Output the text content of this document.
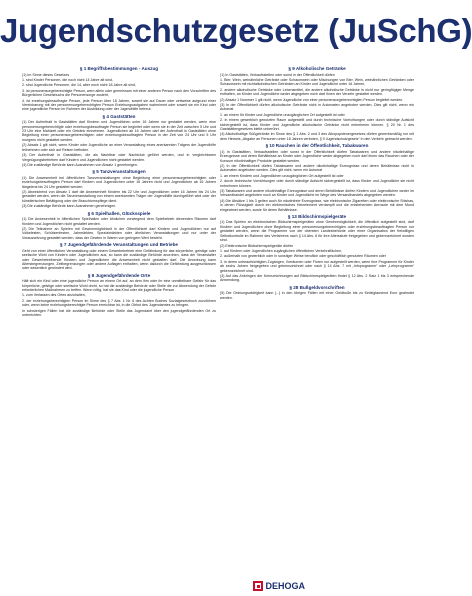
Jugendschutzgesetz (JuSchG)
§ 1 Begriffsbestimmungen - Auszug

(1) Im Sinne dieses Gesetzes

1. sind Kinder Personen, die noch nicht 14 Jahre alt sind,

2. sind Jugendliche Personen, die 14, aber noch nicht 18 Jahre alt sind,

3. ist personensorgeberechtigte Person, wem allein oder gemeinsam mit einer anderen Person nach den Vorschriften des Bürgerlichen Gesetzbuchs die Personensorge zusteht,

4. ist erziehungsbeauftragte Person, jede Person über 18 Jahren, soweit sie auf Dauer oder zeitweise aufgrund einer Vereinbarung mit der personensorgeberechtigten Person Erziehungsaufgaben wahrnimmt oder soweit sie ein Kind oder eine jugendliche Person im Rahmen der Ausbildung oder der Jugendhilfe betreut.

§ 4 Gaststätten

(1) Der Aufenthalt in Gaststätten darf Kindern und Jugendlichen unter 16 Jahren nur gestattet werden, wenn eine personensorgeberechtigte oder erziehungsbeauftragte Person sie begleitet oder wenn sie in der Zeit zwischen 5 Uhr und 23 Uhr eine Mahlzeit oder ein Getränk einnehmen. Jugendlichen ab 16 Jahren darf der Aufenthalt in Gaststätten ohne Begleitung einer personensorgeberechtigten oder erziehungsbeauftragten Person in der Zeit von 24 Uhr und 5 Uhr morgens nicht gestattet werden.

(2) Absatz 1 gilt nicht, wenn Kinder oder Jugendliche an einer Veranstaltung eines anerkannten Trägers der Jugendhilfe teilnehmen oder sich auf Reisen befinden.

(3) Der Aufenthalt in Gaststätten, die als Nachtbar oder Nachtclub geführt werden, und in vergleichbaren Vergnügungsbetrieben darf Kindern und Jugendlichen nicht gestattet werden.

(4) Die zuständige Behörde kann Ausnahmen von Absatz 1 genehmigen.

§ 5 Tanzveranstaltungen

(1) Die Anwesenheit bei öffentlichen Tanzveranstaltungen ohne Begleitung einer personensorgeberechtigten oder erziehungsbeauftragten Person darf Kindern und Jugendlichen unter 16 Jahren nicht und Jugendlichen ab 16 Jahren längstens bis 24 Uhr gestattet werden.

(2) Abweichend von Absatz 1 darf die Anwesenheit Kindern bis 22 Uhr und Jugendlichen unter 16 Jahren bis 24 Uhr gestattet werden, wenn die Tanzveranstaltung von einem anerkannten Träger der Jugendhilfe durchgeführt wird oder der künstlerischen Betätigung oder der Brauchtumspflege dient.

(3) Die zuständige Behörde kann Ausnahmen genehmigen.

§ 6 Spielhallen, Glücksspiele

(1) Die Anwesenheit in öffentlichen Spielhallen oder ähnlichen vorwiegend dem Spielbetrieb dienenden Räumen darf Kindern und Jugendlichen nicht gestattet werden.

(2) Die Teilnahme an Spielen mit Gewinnmöglichkeit in der Öffentlichkeit darf Kindern und Jugendlichen nur auf Volksfesten, Schützenfesten, Jahrmärkten, Spezialmärkten oder ähnlichen Veranstaltungen und nur unter der Voraussetzung gestattet werden, dass der Gewinn in Waren von geringem Wert besteht.

§ 7 Jugendgefährdende Veranstaltungen und Betriebe

Geht von einer öffentlichen Veranstaltung oder einem Gewerbebetrieb eine Gefährdung für das körperliche, geistige oder seelische Wohl von Kindern oder Jugendlichen aus, so kann die zuständige Behörde anordnen, dass der Veranstalter oder Gewerbetreibende Kindern und Jugendlichen die Anwesenheit nicht gestatten darf. Die Anordnung kann Altersbegrenzungen, Zeitbegrenzungen oder andere Auflagen enthalten, wenn dadurch die Gefährdung ausgeschlossen oder wesentlich gemindert wird.

§ 8 Jugendgefährdende Orte

Hält sich ein Kind oder eine jugendliche Person an einem Ort auf, an dem ihm oder ihr eine unmittelbare Gefahr für das körperliche, geistige oder seelische Wohl droht, so hat die zuständige Behörde oder Stelle die zur Abwendung der Gefahr erforderlichen Maßnahmen zu treffen. Wenn nötig, hat sie das Kind oder die jugendliche Person

1. zum Verlassen des Ortes anzuhalten,

2. der erziehungsberechtigten Person im Sinne des § 7 Abs. 1 Nr. 6 des Achten Buches Sozialgesetzbuch zuzuführen oder, wenn keine erziehungsberechtigte Person erreichbar ist, in die Obhut des Jugendamtes zu bringen.

In schwierigen Fällen hat die zuständige Behörde oder Stelle das Jugendamt über den jugendgefährdenden Ort zu unterrichten.

§ 9 Alkoholische Getränke

(1) In Gaststätten, Verkaufsstellen oder sonst in der Öffentlichkeit dürfen

1. Bier, Wein, weinähnliche Getränke oder Schaumwein oder Mischungen von Bier, Wein, weinähnlichen Getränken oder Schaumwein mit nichtalkoholischen Getränken an Kinder und Jugendliche unter 16 Jahren,

2. andere alkoholische Getränke oder Lebensmittel, die andere alkoholische Getränke in nicht nur geringfügiger Menge enthalten, an Kinder und Jugendliche weder abgegeben noch darf ihnen der Verzehr gestattet werden.

(2) Absatz 1 Nummer 1 gilt nicht, wenn Jugendliche von einer personensorgeberechtigten Person begleitet werden.

(3) In der Öffentlichkeit dürfen alkoholische Getränke nicht in Automaten angeboten werden. Dies gilt nicht, wenn ein Automat

1. an einem für Kinder und Jugendliche unzugänglichen Ort aufgestellt ist oder

2. in einem gewerblich genutzten Raum aufgestellt und durch technische Vorrichtungen oder durch ständige Aufsicht sichergestellt ist, dass Kinder und Jugendliche alkoholische Getränke nicht entnehmen können. § 20 Nr. 1 des Gaststättengesetzes bleibt unberührt.

(4) Alkoholhaltige Süßgetränke im Sinne des § 1 Abs. 2 und 3 des Alkopopsteuergesetzes dürfen gewerbsmäßig nur mit dem Hinweis „Abgabe an Personen unter 18 Jahren verboten, § 9 Jugendschutzgesetz“ in den Verkehr gebracht werden.

§ 10 Rauchen in der Öffentlichkeit, Tabakwaren

(1) In Gaststätten, Verkaufsstellen oder sonst in der Öffentlichkeit dürfen Tabakwaren und andere nikotinhaltige Erzeugnisse und deren Behältnisse an Kinder oder Jugendliche weder abgegeben noch darf ihnen das Rauchen oder der Konsum nikotinhaltiger Produkte gestattet werden.

(2) In der Öffentlichkeit dürfen Tabakwaren und andere nikotinhaltige Erzeugnisse und deren Behältnisse nicht in Automaten angeboten werden. Dies gilt nicht, wenn ein Automat

1. an einem Kindern und Jugendlichen unzugänglichen Ort aufgestellt ist oder

2. durch technische Vorrichtungen oder durch ständige Aufsicht sichergestellt ist, dass Kinder und Jugendliche sie nicht entnehmen können.

(3) Tabakwaren und andere nikotinhaltige Erzeugnisse und deren Behältnisse dürfen Kindern und Jugendlichen weder im Versandhandel angeboten noch an Kinder und Jugendliche im Wege des Versandhandels abgegeben werden.

(4) Die Absätze 1 bis 3 gelten auch für nikotinfreie Erzeugnisse, wie elektronische Zigaretten oder elektronische Shishas, in denen Flüssigkeit durch ein elektronisches Heizelement verdampft und die entstehenden Aerosole mit dem Mund eingeatmet werden, sowie für deren Behältnisse.

§ 13 Bildschirmspielgeräte

(1) Das Spielen an elektronischen Bildschirmspielgeräten ohne Gewinnmöglichkeit, die öffentlich aufgestellt sind, darf Kindern und Jugendlichen ohne Begleitung einer personensorgeberechtigten oder erziehungsbeauftragten Person nur gestattet werden, wenn die Programme von der obersten Landesbehörde oder einer Organisation der freiwilligen Selbstkontrolle im Rahmen des Verfahrens nach § 14 Abs. 6 für ihre Altersstufe freigegeben und gekennzeichnet worden sind.

(2) Elektronische Bildschirmspielgeräte dürfen

1. auf Kindern oder Jugendlichen zugänglichen öffentlichen Verkehrsflächen,

2. außerhalb von gewerblich oder in sonstiger Weise beruflich oder geschäftlich genutzten Räumen oder

3. in deren unbeaufsichtigten Zugängen, Vorräumen oder Fluren nur aufgestellt werden, wenn ihre Programme für Kinder ab sechs Jahren freigegeben und gekennzeichnet oder nach § 14 Abs. 7 mit „Infoprogramm“ oder „Lehrprogramm“ gekennzeichnet sind.

(3) Auf das Anbringen der Kennzeichnungen auf Bildschirmspielgeräten findet § 12 Abs. 2 Satz 1 bis 3 entsprechende Anwendung.

§ 28 Bußgeldvorschriften

(5) Die Ordnungswidrigkeit kann [...] in den übrigen Fällen mit einer Geldbuße bis zu fünfzigtausend Euro geahndet werden.

DEHOGA
